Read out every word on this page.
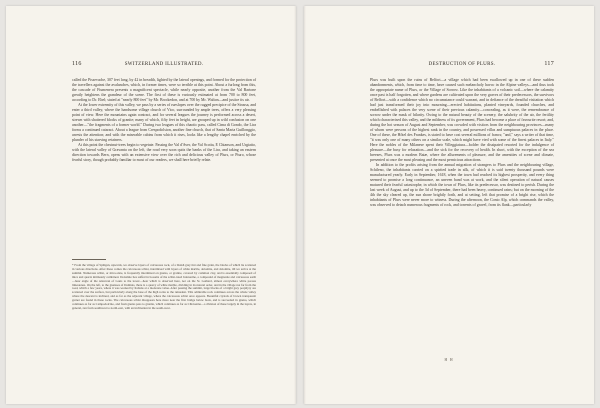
116	SWITZERLAND ILLUSTRATED.

called the Pissevache, 307 feet long, by 42 in breadth, lighted by the lateral openings, and formed for the protection of the travellers against the avalanches, which, in former times, were so terrible at this point. About a furlong from this, the cascade of Fiumenera presents a magnificent spectacle, while nearly opposite, another from the Val Bartone greatly heightens the grandeur of the scene. The first of these is variously estimated at from 700 to 800 feet, according to Dr. Ebel; stated at "nearly 800 feet" by Mr. Brockedon, and at 700 by Mr. Walton—and justice its air.

At the lower extremity of this valley, we pass by a series of rueslopes over the rugged precipice of the Strassa, and enter a third valley, where the handsome village church of Vico, surrounded by ample trees, offers a very pleasing point of view. Here the mountains again contract, and for several leagues the journey is performed across a desert, strewn with shattered blocks of granite; many of which, fifty feet in height, are grouped up in wild confusion on one another—"the fragments of a former world." During two leagues of this chaotic pass, called Cima di Gondo, the Lira forms a continued cataract. About a league from Crespodolsion, another fine church, that of Santa Maria Guillonggio, arrests the attention; and with the miserable cabins from which it rises, looks like a lengthy chapel enriched by the plunder of his starving retainers.

At this point the chestnut-trees begin to vegetate. Passing the Val d'Aver, the Val Scotta, E Chianson, and Urgiatto, with the lateral valley of Gravanta on the left, the road very soon quits the banks of the Lira, and taking an eastern direction towards Bern, opens with an extensive view over the rich and delicious valley of Plurs, or Piuro, whose fearful story, though probably familiar to most of our readers, we shall here briefly relate.

* From the village of Splügen, upwards, we observe layers of calcareous rock, of a bluish grey tint and fine grain, the blocks of which lie scattered in various directions. After these comes the calcareous schist, intermixed with layers of white marble, dolomite, and dolomite, till we arrive at the summit. Numerous schist, or mica-slate, is frequently intermixed on gneiss, or granite, covered by common clay, and is essentially composed of mica and quartz intimately combined. Dolomite lies suffed in bosoms of the schist-tated Julonerme, a compound of magnesite and calcareous earth—hear angle of the Antarcan of Lauts to the lower—hear which is observed here, not on the St. Gothard, almost everywhere white porous limestones. On the left, to the gneisses of Dalmais, there is a quarry of white marble, dividing in its natural order, and in the village not far from the road, which a few years, where it was worked by Italians at a moderate value. After passing the summit, large blocks of a bright grey porphyry are scattered over the surface, but particularly along the base of the high rocks to the ruinedest. This admirable rock continues across the whole valley where the descent is inclined, and as far as the adjacent village, where the calcareous schist once appears. Beautiful crystals of brown transparent garnet are found in these rocks. The calcareous schist disappears here more near the first bridge below Isola, and is succeeded in gneiss, which continues as far as Campodolcino, and from gneiss pass to granite, which continues as far as Chiavenna—a division of these largely in the layers, in general, run from southwest to north-east, with an inclination in the south-west.
DESTRUCTION OF PLURS.	117

Plurs was built upon the ruins of Belfort—a village which had been swallowed up in one of these sudden abandonments, which, from time to time, have caused such melancholy havoc in the Alpine valleys—and thus took the appropriate name of Plurs, or the Village of Sorrow. Like the inhabitants of a volcanic soil—where the calamity once past is half forgotten, and where gardens are cultivated upon the very graves of their predecessors, the survivors of Belfort—with a confidence which no circumstance could warrant, and in defiance of the dreadful visitation which had just transformed their joy into mourning—erected habitations, planted vineyards, founded churches, and embellished with palaces the very scene of their previous calamity—concealing, as it were, the remembrance of sorrow under the mask of hilarity. Owing to the natural beauty of the scenery, the salubrity of the air, the fertility which characterised this valley, and the mildness of its government, Plurs had become a place of favourite resort; and, during the hot season of August and September, was crowded with visitors from the neighbouring provinces—many of whom were persons of the highest rank in the country, and possessed villas and sumptuous palaces in the place. One of these, the Hôtel des Frankes, is stated to have cost several millions of francs; "and," says a writer of that time, "it was only one of many others on a similar scale, which might have vied with some of the finest palaces in Italy." Here the nobles of the Milanese spent their Villeggiatura—bolder the dissipated resorted for the indulgence of pleasure—the busy for relaxation—and the sick for the recovery of health. In short, with the exception of the sea breezes, Plurs was a modern Baiæ, where the allurements of pleasure, and the amenities of scene and climate, presented at once the most pleasing and the most pernicious attractions.

In addition to the profits arising from the annual migration of strangers to Plurs and the neighbouring village, Schileno, the inhabitants carried on a spirited trade in silk, of which it is said twenty thousand pounds were manufactured yearly. Early in September, 1618, when the town had reached its highest prosperity, and every thing seemed to promise a long continuance, an uneven band was at work, and the silent operation of natural causes matured their fearful catastrophe, in which the town of Plurs, like its predecessor, was destined to perish. During the last week of August, and up to the 3d of September, there had been heavy, continued rains; but on the morning of the 4th the sky cleared up, the sun shone brightly forth, and at setting, left that promise of a bright rise, which the inhabitants of Plurs were never more to witness. During the afternoon, the Conto Alp, which commands the valley, was observed to detach numerous fragments of rock, and torrents of gravel, from its flank—particularly

H H
